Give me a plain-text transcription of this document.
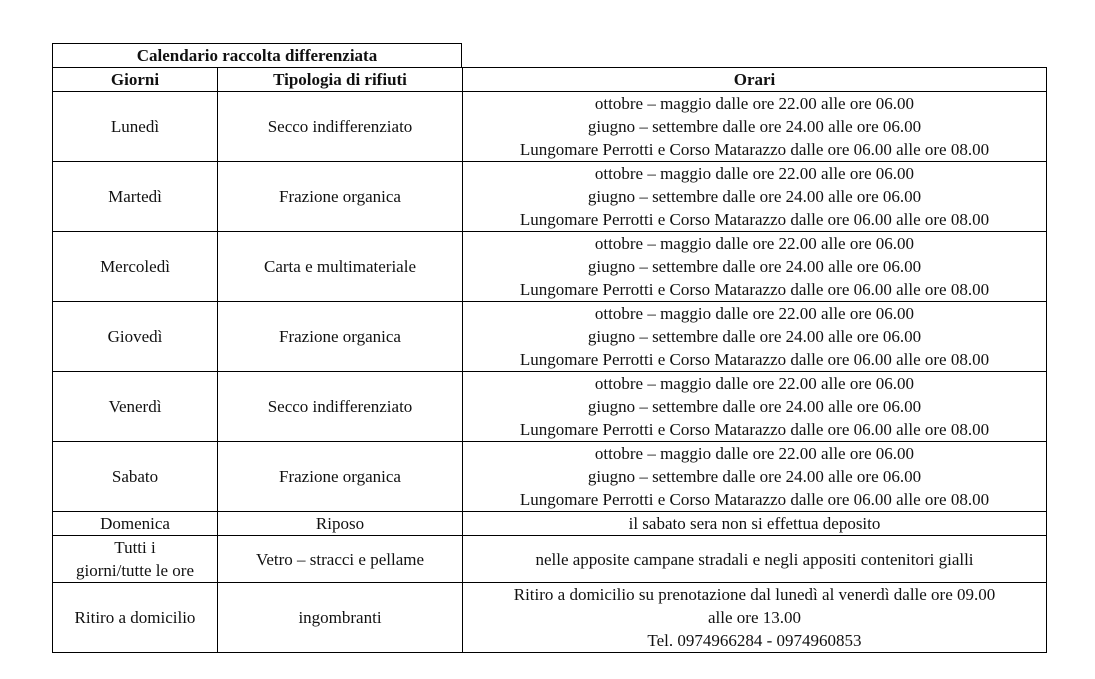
Calendario raccolta differenziata
Giorni	Tipologia di rifiuti	Orari
Lunedì	Secco indifferenziato	ottobre – maggio dalle ore 22.00 alle ore 06.00
giugno – settembre dalle ore 24.00 alle ore 06.00
Lungomare Perrotti e Corso Matarazzo dalle ore 06.00 alle ore 08.00

Martedì	Frazione organica	ottobre – maggio dalle ore 22.00 alle ore 06.00
giugno – settembre dalle ore 24.00 alle ore 06.00
Lungomare Perrotti e Corso Matarazzo dalle ore 06.00 alle ore 08.00

Mercoledì	Carta e multimateriale	ottobre – maggio dalle ore 22.00 alle ore 06.00
giugno – settembre dalle ore 24.00 alle ore 06.00
Lungomare Perrotti e Corso Matarazzo dalle ore 06.00 alle ore 08.00

Giovedì	Frazione organica	ottobre – maggio dalle ore 22.00 alle ore 06.00
giugno – settembre dalle ore 24.00 alle ore 06.00
Lungomare Perrotti e Corso Matarazzo dalle ore 06.00 alle ore 08.00

Venerdì	Secco indifferenziato	ottobre – maggio dalle ore 22.00 alle ore 06.00
giugno – settembre dalle ore 24.00 alle ore 06.00
Lungomare Perrotti e Corso Matarazzo dalle ore 06.00 alle ore 08.00

Sabato	Frazione organica	ottobre – maggio dalle ore 22.00 alle ore 06.00
giugno – settembre dalle ore 24.00 alle ore 06.00
Lungomare Perrotti e Corso Matarazzo dalle ore 06.00 alle ore 08.00

Domenica	Riposo	il sabato sera non si effettua deposito

Tutti i
giorni/tutte le ore	Vetro – stracci e pellame	nelle apposite campane stradali e negli appositi contenitori gialli
Ritiro a domicilio	ingombranti	Ritiro a domicilio su prenotazione dal lunedì al venerdì dalle ore 09.00
alle ore 13.00
Tel. 0974966284 - 0974960853
